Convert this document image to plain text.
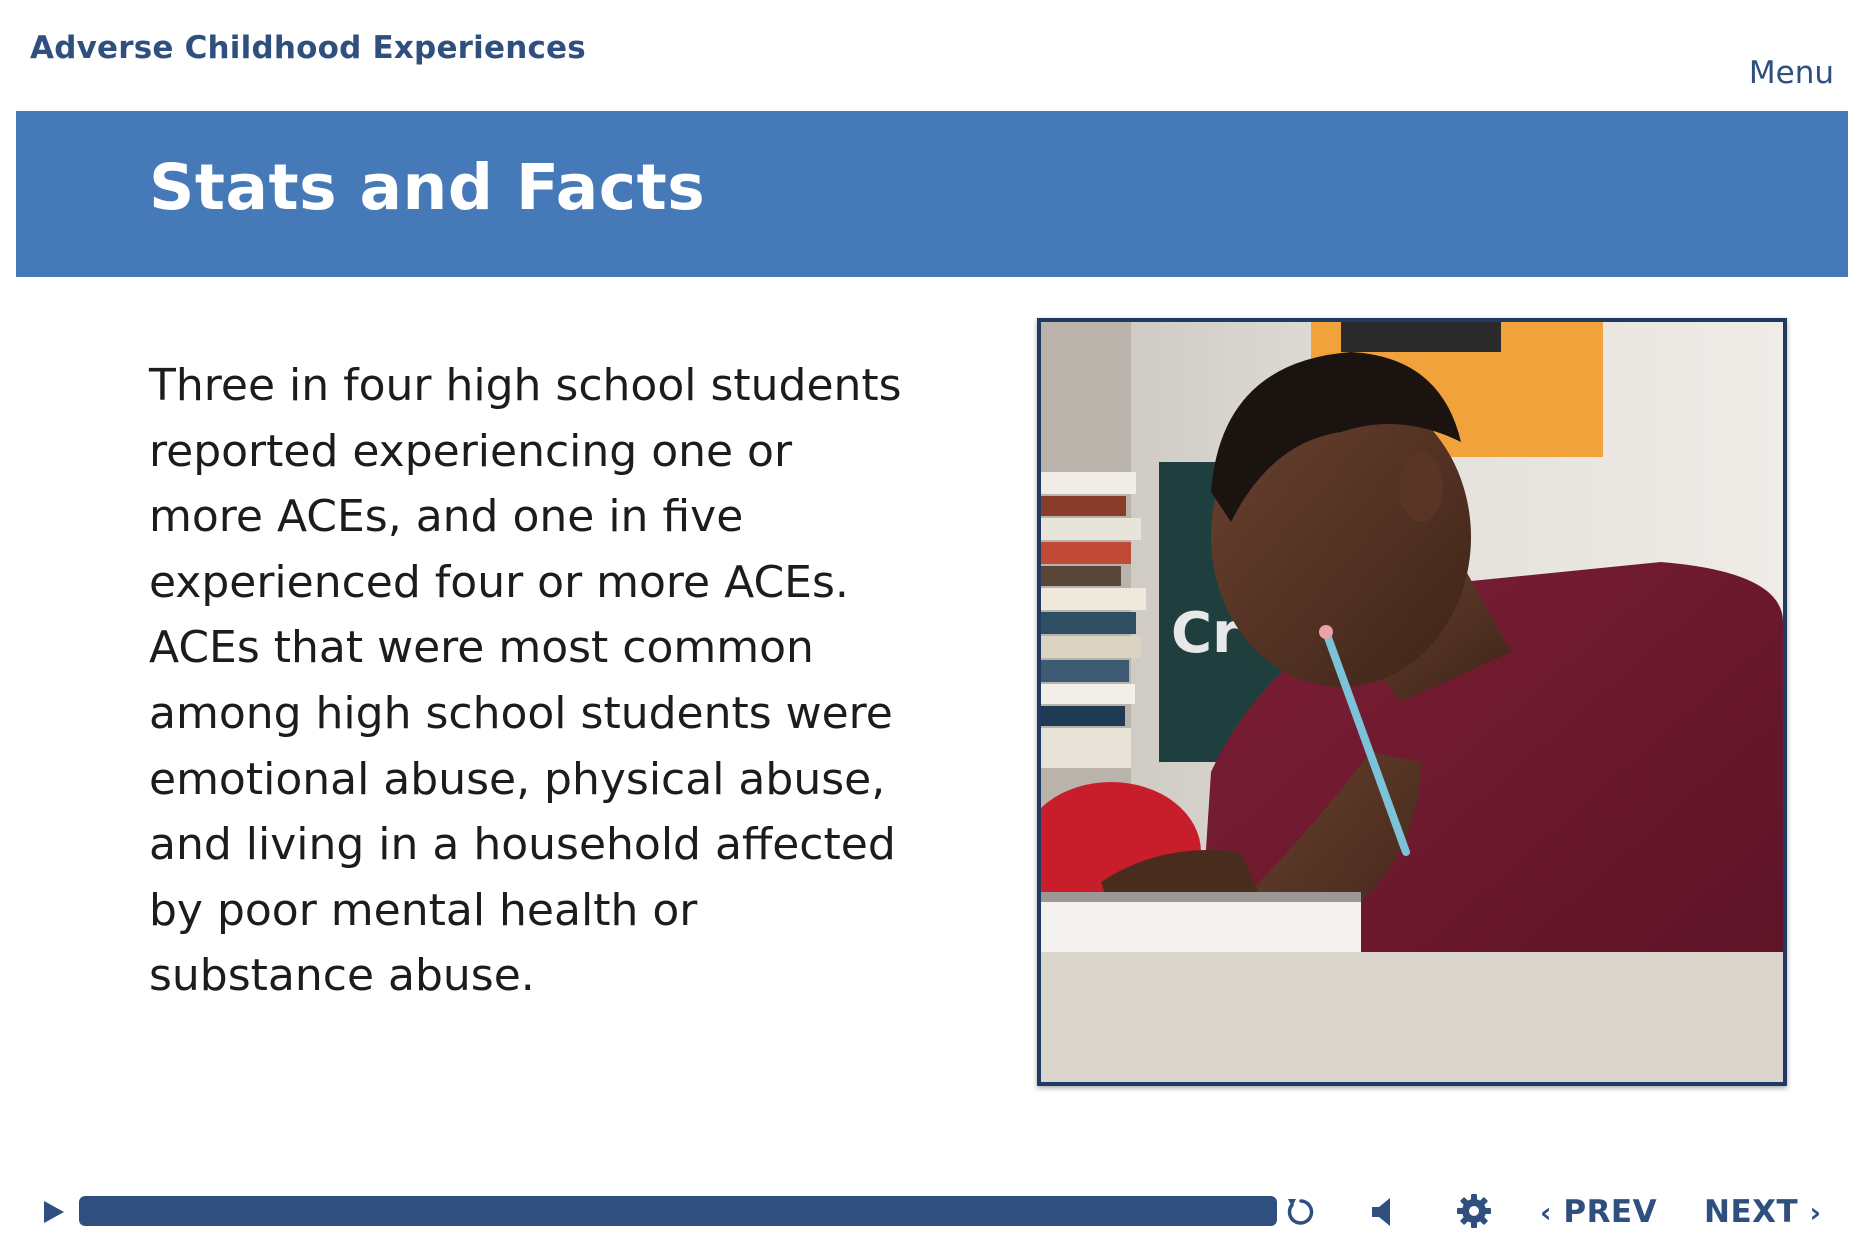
Adverse Childhood Experiences
Menu
Stats and Facts
Three in four high school students
reported experiencing one or
more ACEs, and one in five
experienced four or more ACEs.
ACEs that were most common
among high school students were
emotional abuse, physical abuse,
and living in a household affected
by poor mental health or
substance abuse.
Cr
‹ PREV NEXT ›
